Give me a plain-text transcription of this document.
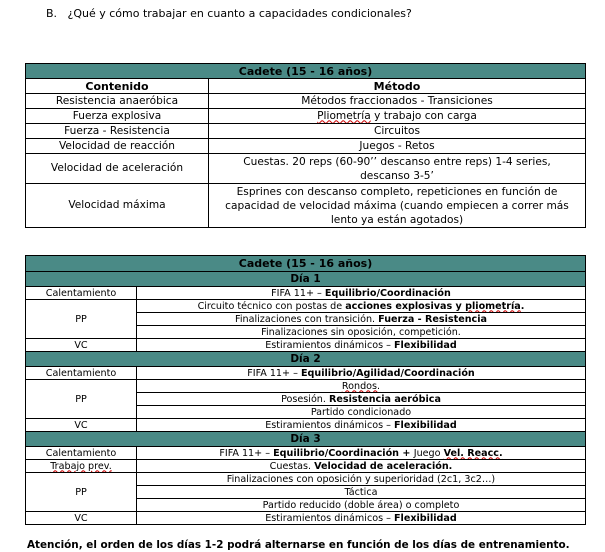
B. ¿Qué y cómo trabajar en cuanto a capacidades condicionales?
Cadete (15 - 16 años)	
Contenido	Método
Resistencia anaeróbica	Métodos fraccionados - Transiciones
Fuerza explosiva	Pliometría y trabajo con carga
Fuerza - Resistencia	Circuitos
Velocidad de reacción	Juegos - Retos
Velocidad de aceleración	Cuestas. 20 reps (60-90’’ descanso entre reps) 1-4 series, descanso 3-5’
Velocidad máxima	Esprines con descanso completo, repeticiones en función de capacidad de velocidad máxima (cuando empiecen a correr más lento ya están agotados)
Cadete (15 - 16 años)	
Día 1	
Calentamiento	FIFA 11+ – Equilibrio/Coordinación
PP	Circuito técnico con postas de acciones explosivas y pliometría.
	Finalizaciones con transición. Fuerza - Resistencia
	Finalizaciones sin oposición, competición.
VC	Estiramientos dinámicos – Flexibilidad
Día 2	
Calentamiento	FIFA 11+ – Equilibrio/Agilidad/Coordinación
PP	Rondos.
	Posesión. Resistencia aeróbica
	Partido condicionado
VC	Estiramientos dinámicos – Flexibilidad
Día 3	
Calentamiento	FIFA 11+ – Equilibrio/Coordinación + Juego Vel. Reacc.
Trabajo prev.	Cuestas. Velocidad de aceleración.
PP	Finalizaciones con oposición y superioridad (2c1, 3c2…)
	Táctica
	Partido reducido (doble área) o completo
VC	Estiramientos dinámicos – Flexibilidad
Atención, el orden de los días 1-2 podrá alternarse en función de los días de entrenamiento.
